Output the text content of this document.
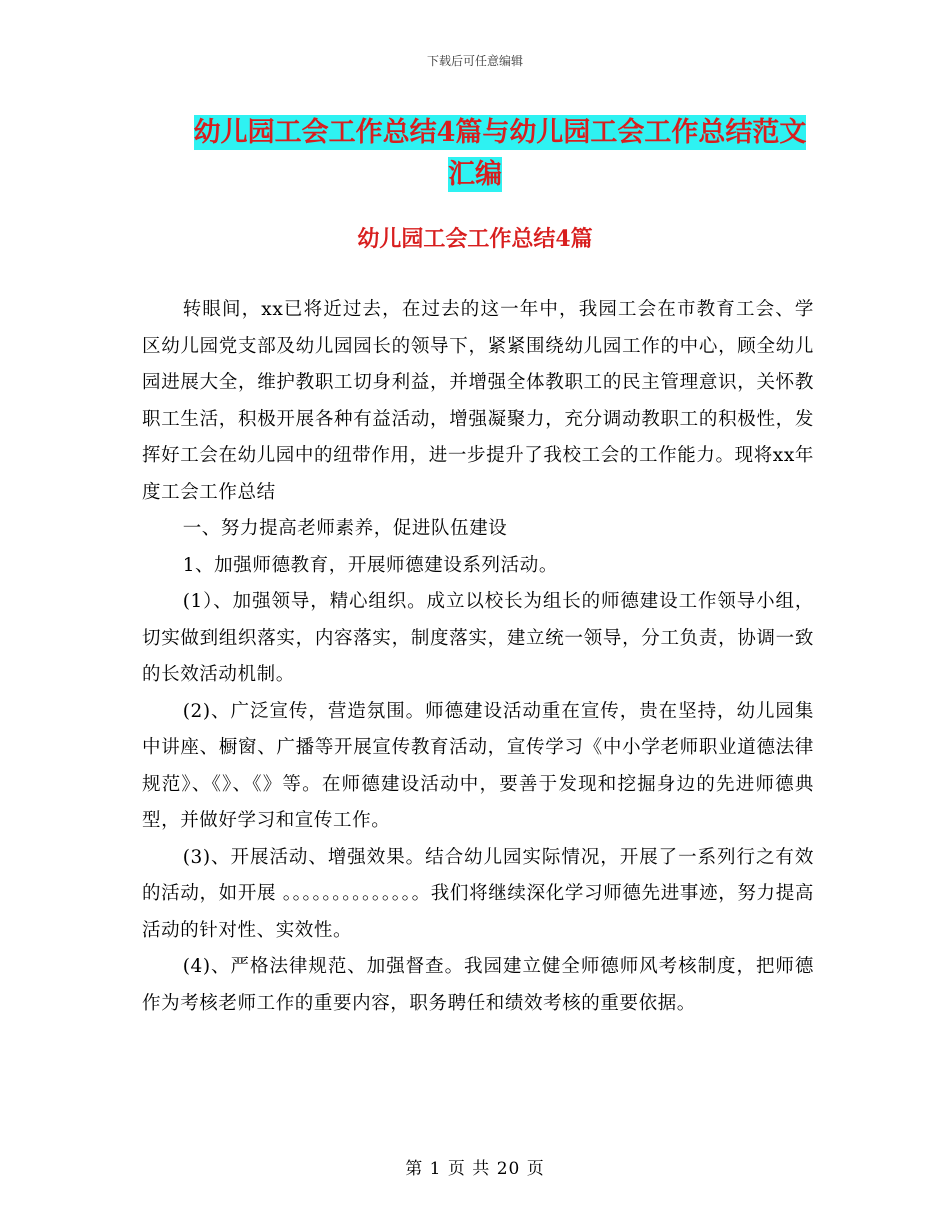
下载后可任意编辑
幼儿园工会工作总结4篇与幼儿园工会工作总结范文
汇编
幼儿园工会工作总结4篇

转眼间，xx已将近过去，在过去的这一年中，我园工会在市教育工会、学区幼儿园党支部及幼儿园园长的领导下，紧紧围绕幼儿园工作的中心，顾全幼儿园进展大全，维护教职工切身利益，并增强全体教职工的民主管理意识，关怀教职工生活，积极开展各种有益活动，增强凝聚力，充分调动教职工的积极性，发挥好工会在幼儿园中的纽带作用，进一步提升了我校工会的工作能力。现将xx年度工会工作总结

一、努力提高老师素养，促进队伍建设

1、加强师德教育，开展师德建设系列活动。

(1）、加强领导，精心组织。成立以校长为组长的师德建设工作领导小组，切实做到组织落实，内容落实，制度落实，建立统一领导，分工负责，协调一致的长效活动机制。

(2)、广泛宣传，营造氛围。师德建设活动重在宣传，贵在坚持，幼儿园集中讲座、橱窗、广播等开展宣传教育活动，宣传学习《中小学老师职业道德法律规范》、《》、《》等。在师德建设活动中，要善于发现和挖掘身边的先进师德典型，并做好学习和宣传工作。

(3)、开展活动、增强效果。结合幼儿园实际情况，开展了一系列行之有效的活动，如开展 。。。。。。。。。。。。。。我们将继续深化学习师德先进事迹，努力提高活动的针对性、实效性。

(4)、严格法律规范、加强督查。我园建立健全师德师风考核制度，把师德作为考核老师工作的重要内容，职务聘任和绩效考核的重要依据。

第 1 页 共 20 页
